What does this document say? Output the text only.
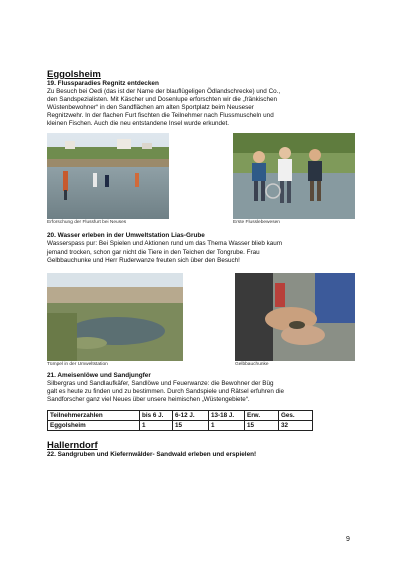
Eggolsheim
19. Flussparadies Regnitz entdecken
Zu Besuch bei Oedi (das ist der Name der blauflügeligen Ödlandschrecke) und Co.,
den Sandspezialisten. Mit Käscher und Dosenlupe erforschten wir die „fränkischen
Wüstenbewohner“ in den Sandflächen am alten Sportplatz beim Neuseser
Regnitzwehr. In der flachen Furt fischten die Teilnehmer nach Flussmuscheln und
kleinen Fischen. Auch die neu entstandene Insel wurde erkundet.
Erforschung der Flussfurt bei Neuses	Erste Flusslebewesen
20. Wasser erleben in der Umweltstation Lias-Grube
Wasserspass pur: Bei Spielen und Aktionen rund um das Thema Wasser blieb kaum
jemand trocken, schon gar nicht die Tiere in den Teichen der Tongrube. Frau
Gelbbauchunke und Herr Ruderwanze freuten sich über den Besuch!
Tümpel in der Umweltstation	Gelbbauchunke
21. Ameisenlöwe und Sandjungfer
Silbergras und Sandlaufkäfer, Sandlöwe und Feuerwanze: die Bewohner der Büg
galt es heute zu finden und zu bestimmen. Durch Sandspiele und Rätsel erfuhren die
Sandforscher ganz viel Neues über unsere heimischen „Wüstengebiete“.
Teilnehmerzahlen	bis 6 J.	6-12 J.	13-18 J.	Erw.	Ges.
Eggolsheim	1	15	1	15	32
Hallerndorf
22. Sandgruben und Kiefernwälder- Sandwald erleben und erspielen!
9
